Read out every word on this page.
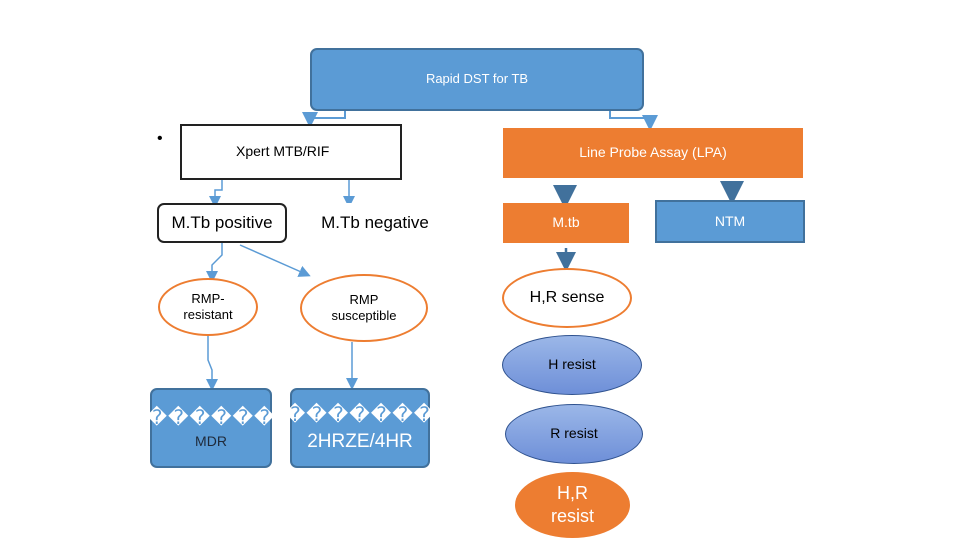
Rapid DST for TB
•
Xpert MTB/RIF
M.Tb positive	M.Tb negative
RMP-
resistant
RMP
susceptible
������
MDR
�������
2HRZE/4HR
Line Probe Assay (LPA)
M.tb	NTM
H,R sense
H resist
R resist
H,R
resist
